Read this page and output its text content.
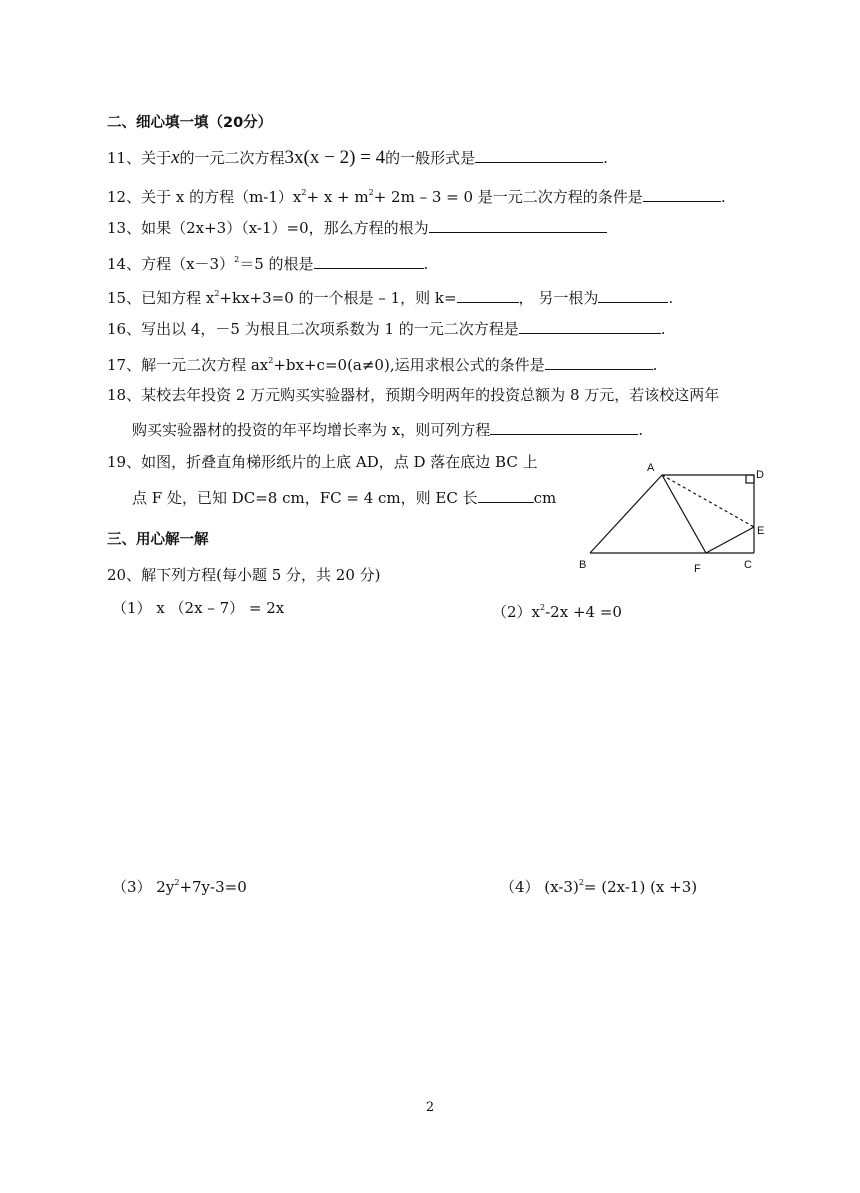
二、细心填一填（20分）
11、关于x的一元二次方程3x(x − 2) = 4的一般形式是	.
12、关于 x 的方程$(m-1)x^2+ x + m^2+ 2m - 3 = 0$ 是一元二次方程的条件是	.
13、如果（2x+3）（x-1）=0，那么方程的根为
14、方程$(x-3)^2=5$ 的根是	.
15、已知方程 $x^2+kx+3=0$ 的一个根是 – 1，则 k=	， 另一根为	.
16、写出以 4，－5 为根且二次项系数为 1 的一元二次方程是	.
17、解一元二次方程 $ax^2+bx+c=0(a\ne 0)$,运用求根公式的条件是	.
18、某校去年投资 2 万元购买实验器材，预期今明两年的投资总额为 8 万元，若该校这两年
购买实验器材的投资的年平均增长率为 x，则可列方程	.
19、如图，折叠直角梯形纸片的上底 AD，点 D 落在底边 BC 上
点 F 处，已知 DC=8 cm，FC = 4 cm，则 EC 长	cm
A
D
E
B	F	C
三、用心解一解
20、解下列方程(每小题 5 分，共 20 分)
（1） x （2x – 7） = 2x	$(2)x^2-2x +4 =0$
（3） $2y^2+7y-3=0$	（4） $(x-3)^2= (2x-1)$ (x +3)
2
